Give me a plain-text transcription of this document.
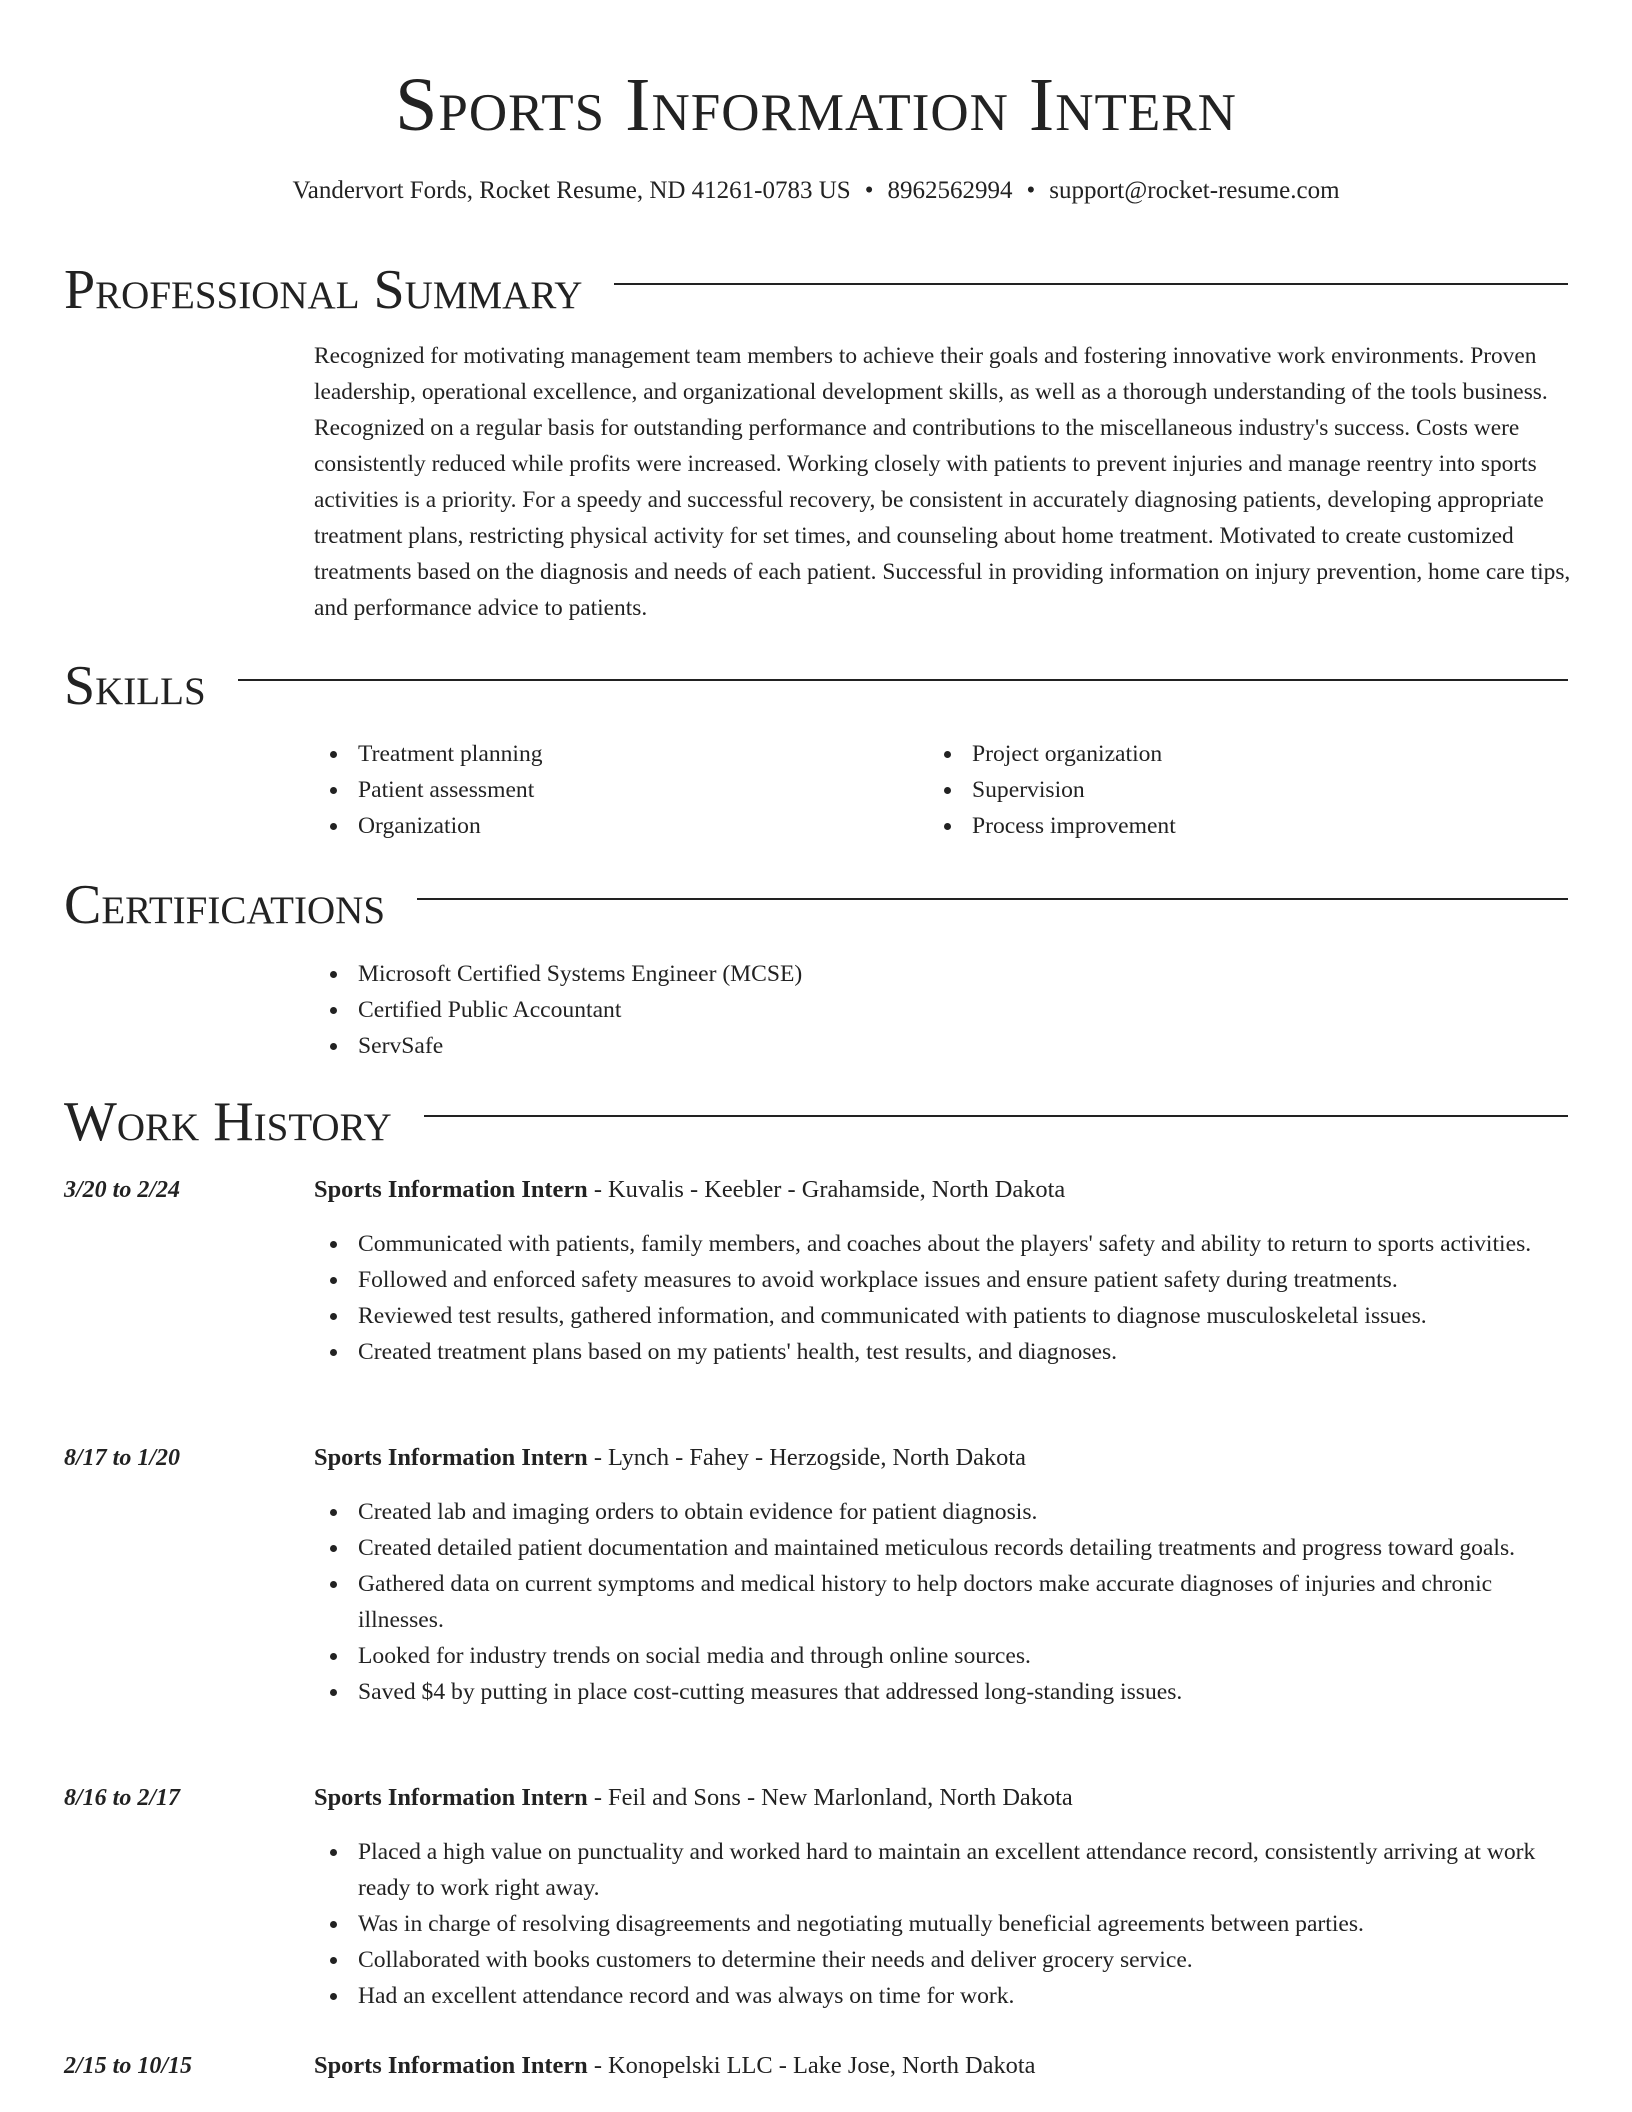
Sports Information Intern
Vandervort Fords, Rocket Resume, ND 41261-0783 US • 8962562994 • support@rocket-resume.com
Professional Summary

Recognized for motivating management team members to achieve their goals and fostering innovative work environments. Proven leadership, operational excellence, and organizational development skills, as well as a thorough understanding of the tools business. Recognized on a regular basis for outstanding performance and contributions to the miscellaneous industry's success. Costs were consistently reduced while profits were increased. Working closely with patients to prevent injuries and manage reentry into sports activities is a priority. For a speedy and successful recovery, be consistent in accurately diagnosing patients, developing appropriate treatment plans, restricting physical activity for set times, and counseling about home treatment. Motivated to create customized treatments based on the diagnosis and needs of each patient. Successful in providing information on injury prevention, home care tips, and performance advice to patients.

Skills
Treatment planning
Patient assessment
Organization
Project organization
Supervision
Process improvement
Certifications
Microsoft Certified Systems Engineer (MCSE)
Certified Public Accountant
ServSafe
Work History
3/20 to 2/24	Sports Information Intern - Kuvalis - Keebler - Grahamside, North Dakota
Communicated with patients, family members, and coaches about the players' safety and ability to return to sports activities.
Followed and enforced safety measures to avoid workplace issues and ensure patient safety during treatments.
Reviewed test results, gathered information, and communicated with patients to diagnose musculoskeletal issues.
Created treatment plans based on my patients' health, test results, and diagnoses.
8/17 to 1/20	Sports Information Intern - Lynch - Fahey - Herzogside, North Dakota
Created lab and imaging orders to obtain evidence for patient diagnosis.
Created detailed patient documentation and maintained meticulous records detailing treatments and progress toward goals.
Gathered data on current symptoms and medical history to help doctors make accurate diagnoses of injuries and chronic illnesses.
Looked for industry trends on social media and through online sources.
Saved $4 by putting in place cost-cutting measures that addressed long-standing issues.
8/16 to 2/17	Sports Information Intern - Feil and Sons - New Marlonland, North Dakota
Placed a high value on punctuality and worked hard to maintain an excellent attendance record, consistently arriving at work ready to work right away.
Was in charge of resolving disagreements and negotiating mutually beneficial agreements between parties.
Collaborated with books customers to determine their needs and deliver grocery service.
Had an excellent attendance record and was always on time for work.
2/15 to 10/15	Sports Information Intern - Konopelski LLC - Lake Jose, North Dakota
